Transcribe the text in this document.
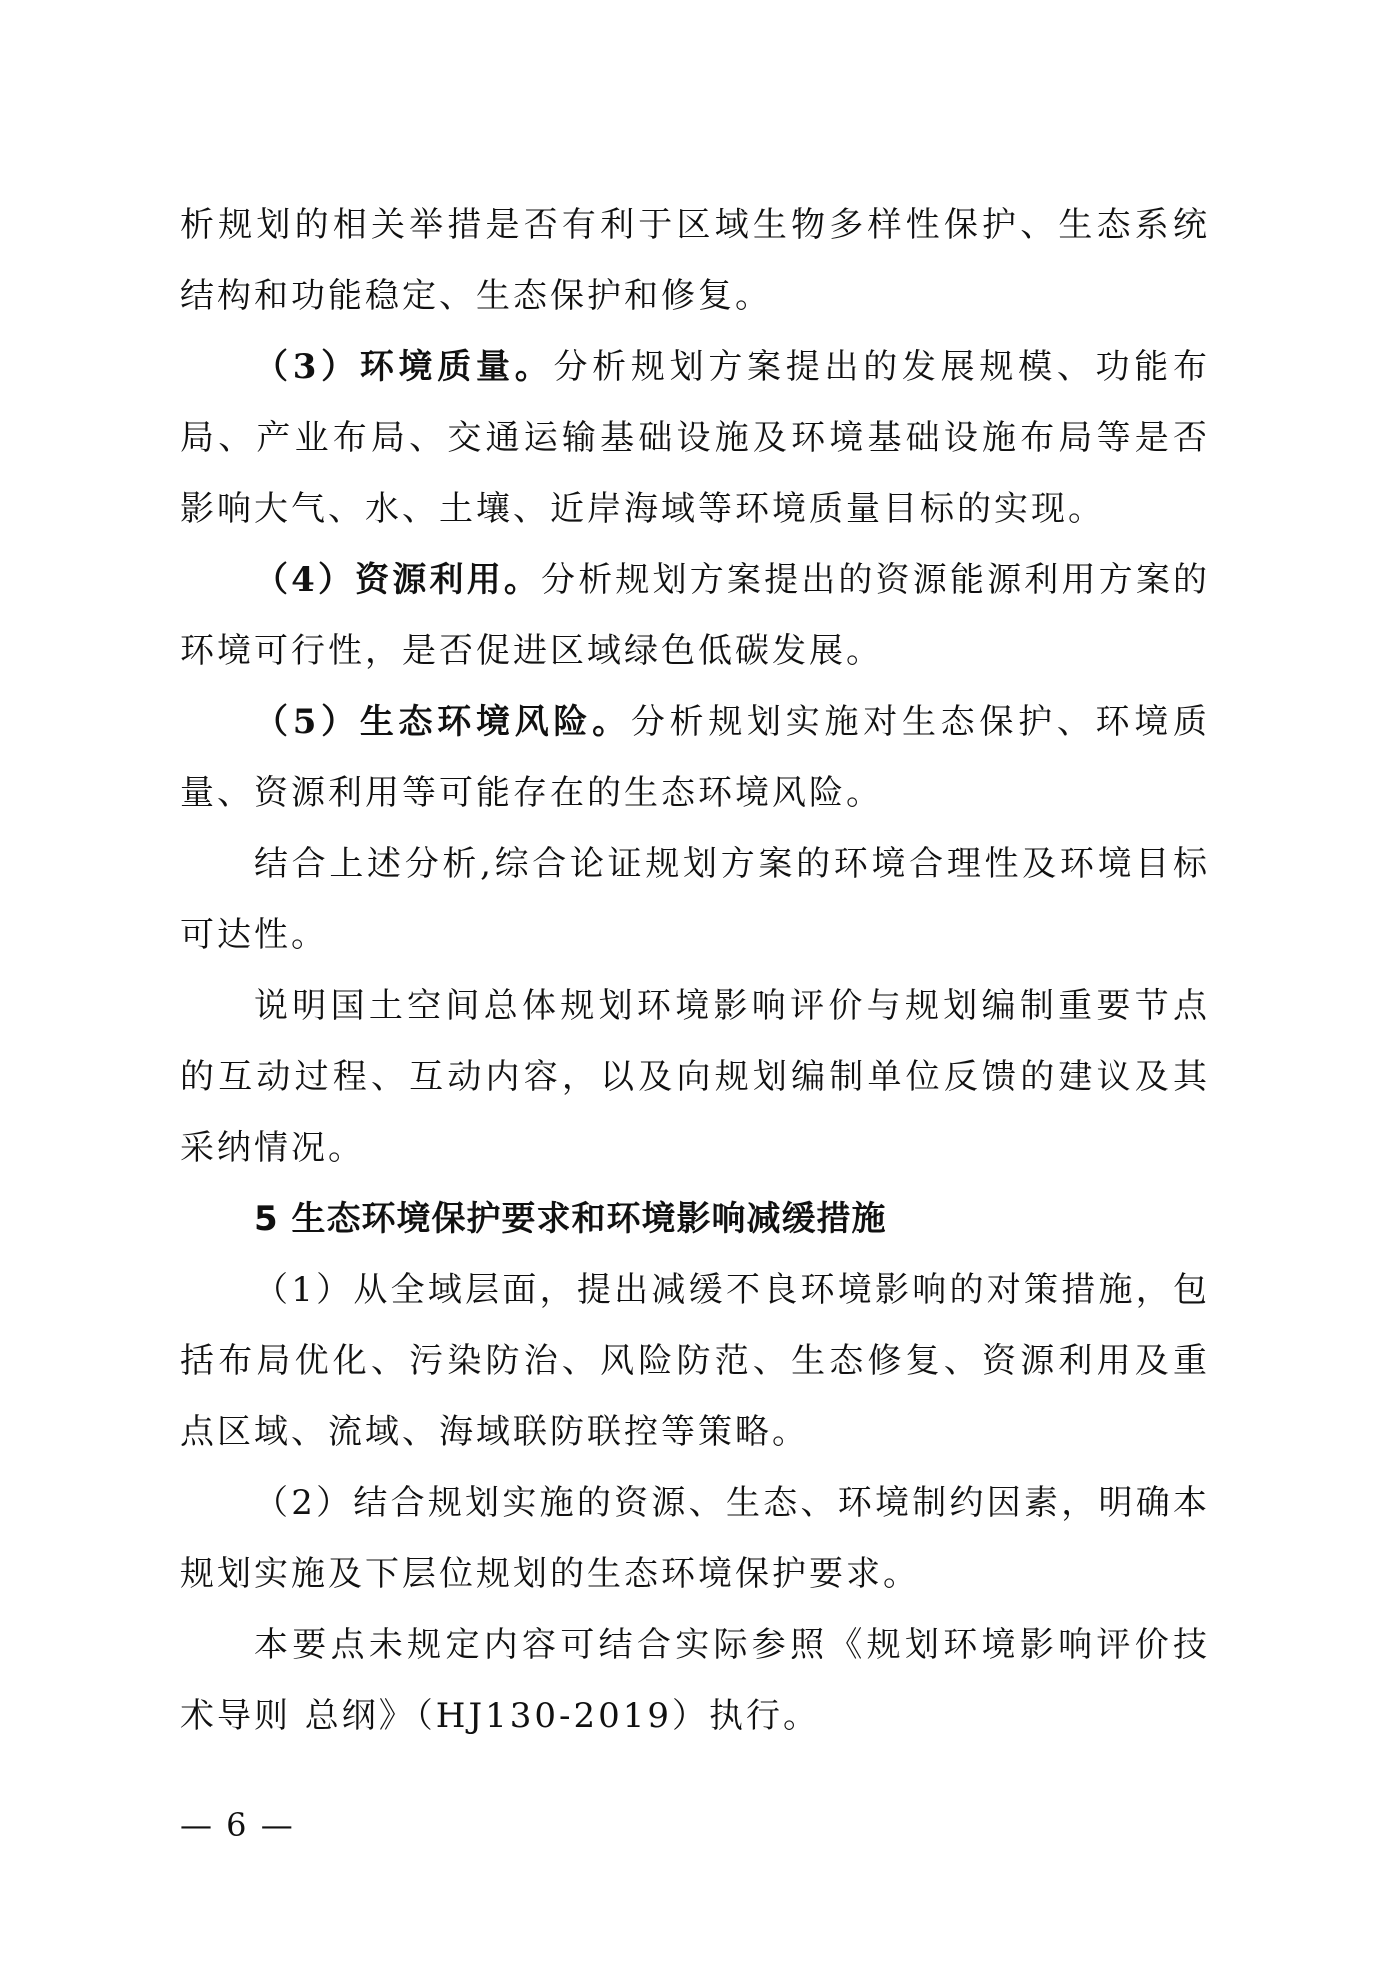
析规划的相关举措是否有利于区域生物多样性保护、生态系统结构和功能稳定、生态保护和修复。

（3）环境质量。分析规划方案提出的发展规模、功能布局、产业布局、交通运输基础设施及环境基础设施布局等是否影响大气、水、土壤、近岸海域等环境质量目标的实现。

（4）资源利用。分析规划方案提出的资源能源利用方案的环境可行性，是否促进区域绿色低碳发展。

（5）生态环境风险。分析规划实施对生态保护、环境质量、资源利用等可能存在的生态环境风险。

结合上述分析,综合论证规划方案的环境合理性及环境目标可达性。

说明国土空间总体规划环境影响评价与规划编制重要节点的互动过程、互动内容，以及向规划编制单位反馈的建议及其采纳情况。

5 生态环境保护要求和环境影响减缓措施

（1）从全域层面，提出减缓不良环境影响的对策措施，包括布局优化、污染防治、风险防范、生态修复、资源利用及重点区域、流域、海域联防联控等策略。

（2）结合规划实施的资源、生态、环境制约因素，明确本规划实施及下层位规划的生态环境保护要求。

本要点未规定内容可结合实际参照《规划环境影响评价技术导则 总纲》（HJ130-2019）执行。

— 6 —
